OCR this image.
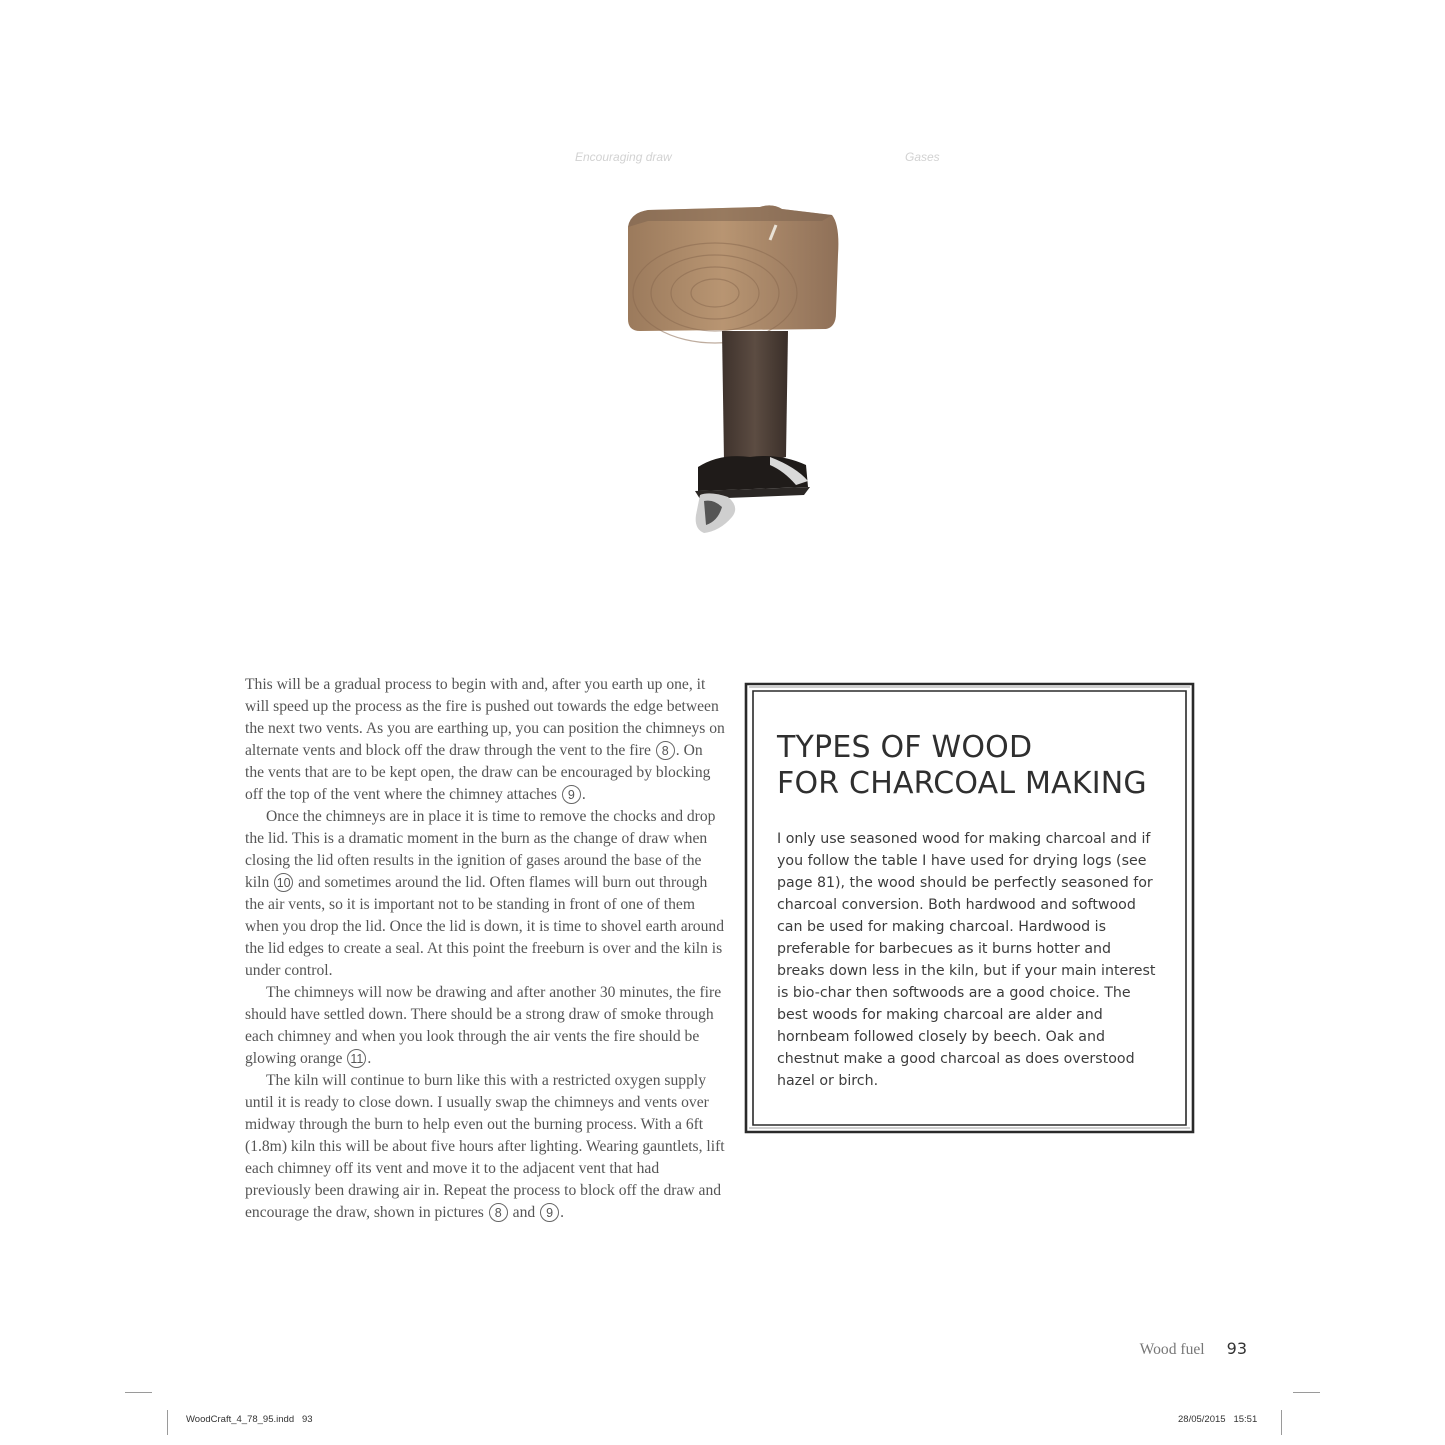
Encouraging draw	Gases

This will be a gradual process to begin with and, after you earth up one, it will speed up the process as the fire is pushed out towards the edge between the next two vents. As you are earthing up, you can position the chimneys on alternate vents and block off the draw through the vent to the fire 8 . On the vents that are to be kept open, the draw can be encouraged by blocking off the top of the vent where the chimney attaches 9 .

Once the chimneys are in place it is time to remove the chocks and drop the lid. This is a dramatic moment in the burn as the change of draw when closing the lid often results in the ignition of gases around the base of the kiln 10 and sometimes around the lid. Often flames will burn out through the air vents, so it is important not to be standing in front of one of them when you drop the lid. Once the lid is down, it is time to shovel earth around the lid edges to create a seal. At this point the freeburn is over and the kiln is under control.

The chimneys will now be drawing and after another 30 minutes, the fire should have settled down. There should be a strong draw of smoke through each chimney and when you look through the air vents the fire should be glowing orange 11 .

The kiln will continue to burn like this with a restricted oxygen supply until it is ready to close down. I usually swap the chimneys and vents over midway through the burn to help even out the burning process. With a 6ft (1.8m) kiln this will be about five hours after lighting. Wearing gauntlets, lift each chimney off its vent and move it to the adjacent vent that had previously been drawing air in. Repeat the process to block off the draw and encourage the draw, shown in pictures 8 and 9 .

TYPES OF WOOD
FOR CHARCOAL MAKING

I only use seasoned wood for making charcoal and if you follow the table I have used for drying logs (see page 81), the wood should be perfectly seasoned for charcoal conversion. Both hardwood and softwood can be used for making charcoal. Hardwood is preferable for barbecues as it burns hotter and breaks down less in the kiln, but if your main interest is bio-char then softwoods are a good choice. The best woods for making charcoal are alder and hornbeam followed closely by beech. Oak and chestnut make a good charcoal as does overstood hazel or birch.

Wood fuel 93
WoodCraft_4_78_95.indd   93	28/05/2015   15:51
